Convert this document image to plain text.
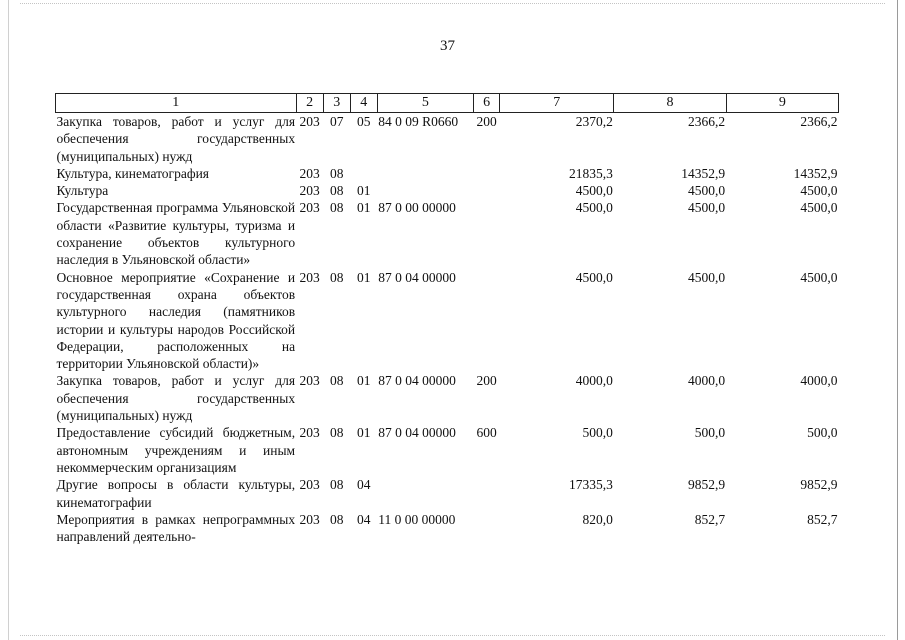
37
1	2	3	4	5	6	7	8	9
Закупка товаров, работ и услуг для обеспечения государственных (муниципальных) нужд	203	07	05	84 0 09 R0660	200	2370,2	2366,2	2366,2
Культура, кинематография	203	08				21835,3	14352,9	14352,9
Культура	203	08	01			4500,0	4500,0	4500,0
Государственная программа Ульяновской области «Развитие культуры, туризма и сохранение объектов культурного наследия в Ульяновской области»	203	08	01	87 0 00 00000		4500,0	4500,0	4500,0
Основное мероприятие «Сохранение и государственная охрана объектов культурного наследия (памятников истории и культуры народов Российской Федерации, расположенных на территории Ульяновской области)»	203	08	01	87 0 04 00000		4500,0	4500,0	4500,0
Закупка товаров, работ и услуг для обеспечения государственных (муниципальных) нужд	203	08	01	87 0 04 00000	200	4000,0	4000,0	4000,0
Предоставление субсидий бюджетным, автономным учреждениям и иным некоммерческим организациям	203	08	01	87 0 04 00000	600	500,0	500,0	500,0
Другие вопросы в области культуры, кинематографии	203	08	04			17335,3	9852,9	9852,9
Мероприятия в рамках непрограммных направлений деятельно-	203	08	04	11 0 00 00000		820,0	852,7	852,7
